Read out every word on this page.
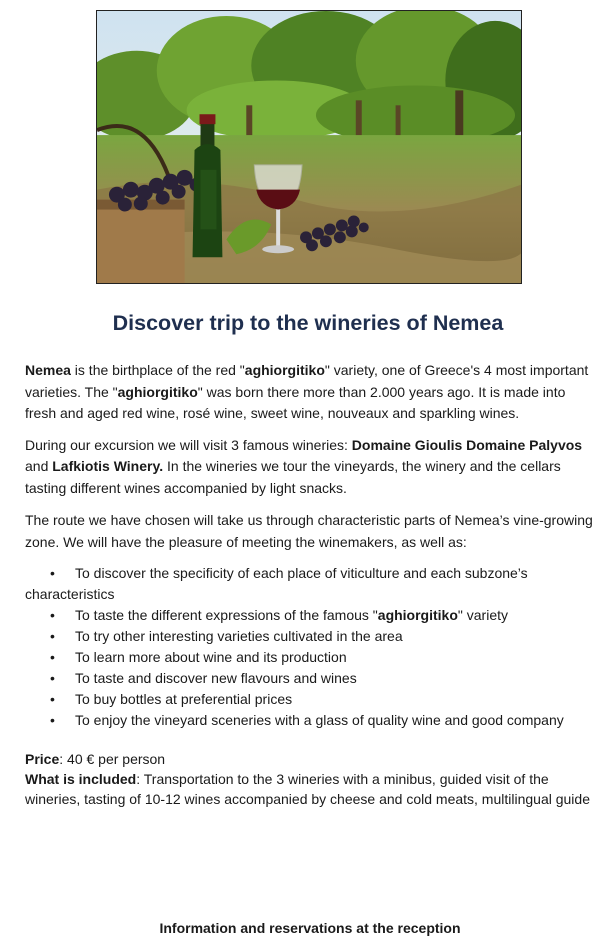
Discover trip to the wineries of Nemea

Nemea is the birthplace of the red "aghiorgitiko" variety, one of Greece's 4 most important varieties. The "aghiorgitiko" was born there more than 2.000 years ago. It is made into fresh and aged red wine, rosé wine, sweet wine, nouveaux and sparkling wines.

During our excursion we will visit 3 famous wineries: Domaine Gioulis Domaine Palyvos and Lafkiotis Winery. In the wineries we tour the vineyards, the winery and the cellars tasting different wines accompanied by light snacks.

The route we have chosen will take us through characteristic parts of Nemea’s vine-growing zone. We will have the pleasure of meeting the winemakers, as well as:

• To discover the specificity of each place of viticulture and each subzone’s characteristics
• To taste the different expressions of the famous "aghiorgitiko" variety
• To try other interesting varieties cultivated in the area
• To learn more about wine and its production
• To taste and discover new flavours and wines
• To buy bottles at preferential prices
• To enjoy the vineyard sceneries with a glass of quality wine and good company
Price: 40 € per person
What is included: Transportation to the 3 wineries with a minibus, guided visit of the wineries, tasting of 10-12 wines accompanied by cheese and cold meats, multilingual guide
Information and reservations at the reception
